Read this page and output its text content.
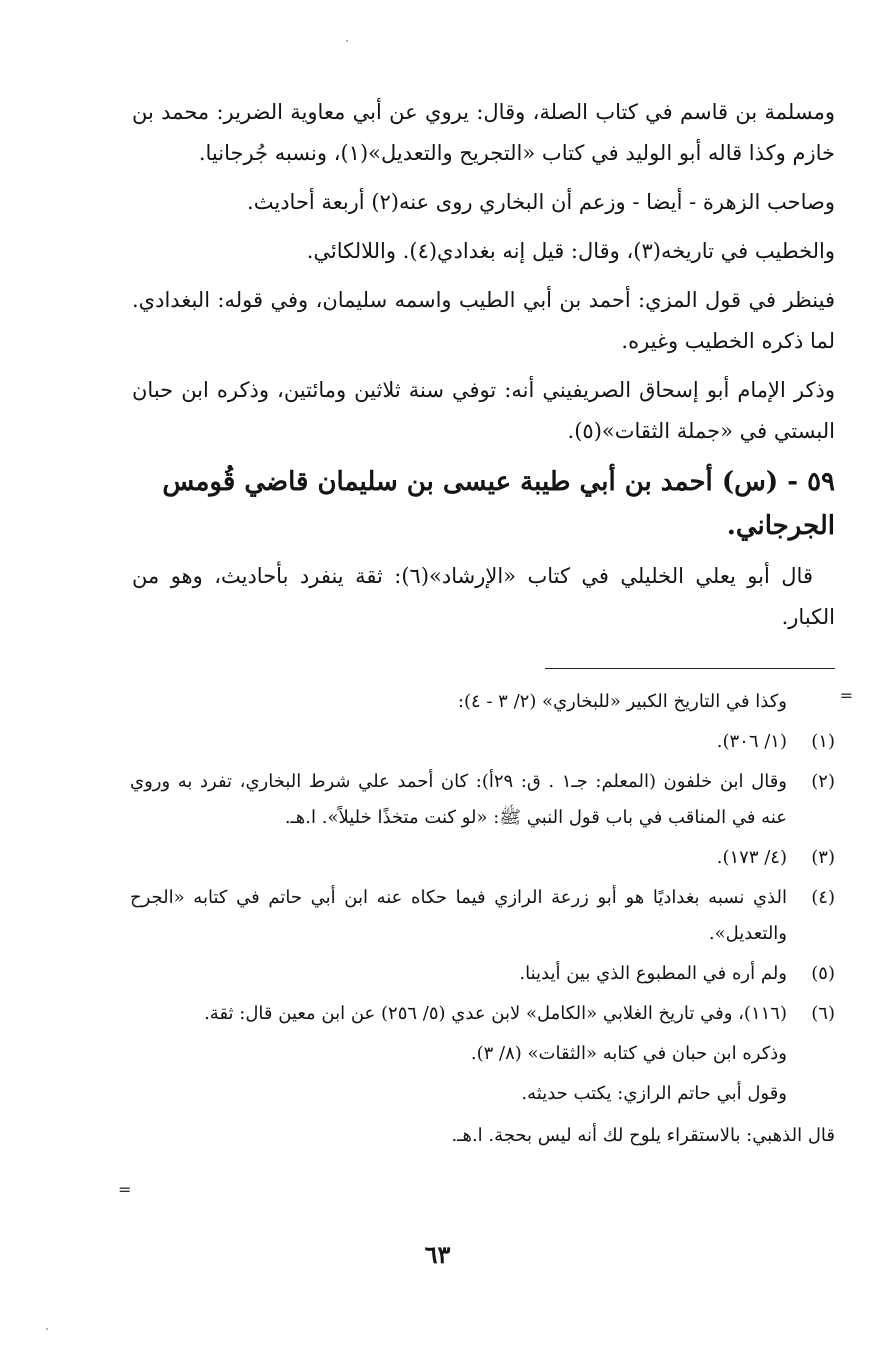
ومسلمة بن قاسم في كتاب الصلة، وقال: يروي عن أبي معاوية الضرير: محمد بن خازم وكذا قاله أبو الوليد في كتاب «التجريح والتعديل»(١)، ونسبه جُرجانيا.

وصاحب الزهرة - أيضا - وزعم أن البخاري روى عنه(٢) أربعة أحاديث.

والخطيب في تاريخه(٣)، وقال: قيل إنه بغدادي(٤). واللالكائي.

فينظر في قول المزي: أحمد بن أبي الطيب واسمه سليمان، وفي قوله: البغدادي. لما ذكره الخطيب وغيره.

وذكر الإمام أبو إسحاق الصريفيني أنه: توفي سنة ثلاثين ومائتين، وذكره ابن حبان البستي في «جملة الثقات»(٥).

٥٩ - (س) أحمد بن أبي طيبة عيسى بن سليمان قاضي قُومس الجرجاني.

قال أبو يعلي الخليلي في كتاب «الإرشاد»(٦): ثقة ينفرد بأحاديث، وهو من الكبار.

=

وكذا في التاريخ الكبير «للبخاري» (٢/ ٣ - ٤):

(١)
(١/ ٣٠٦).

(٢)
وقال ابن خلفون (المعلم: جـ١ . ق: ٢٩أ): كان أحمد علي شرط البخاري، تفرد به وروي عنه في المناقب في باب قول النبي ﷺ: «لو كنت متخذًا خليلاً». ا.هـ.

(٣)
(٤/ ١٧٣).

(٤)
الذي نسبه بغداديًا هو أبو زرعة الرازي فيما حكاه عنه ابن أبي حاتم في كتابه «الجرح والتعديل».

(٥)
ولم أره في المطبوع الذي بين أيدينا.

(٦)
(١١٦)، وفي تاريخ الغلابي «الكامل» لابن عدي (٥/ ٢٥٦) عن ابن معين قال: ثقة.

وذكره ابن حبان في كتابه «الثقات» (٨/ ٣).

وقول أبي حاتم الرازي: يكتب حديثه.

قال الذهبي: بالاستقراء يلوح لك أنه ليس بحجة. ا.هـ.

=
٦٣
